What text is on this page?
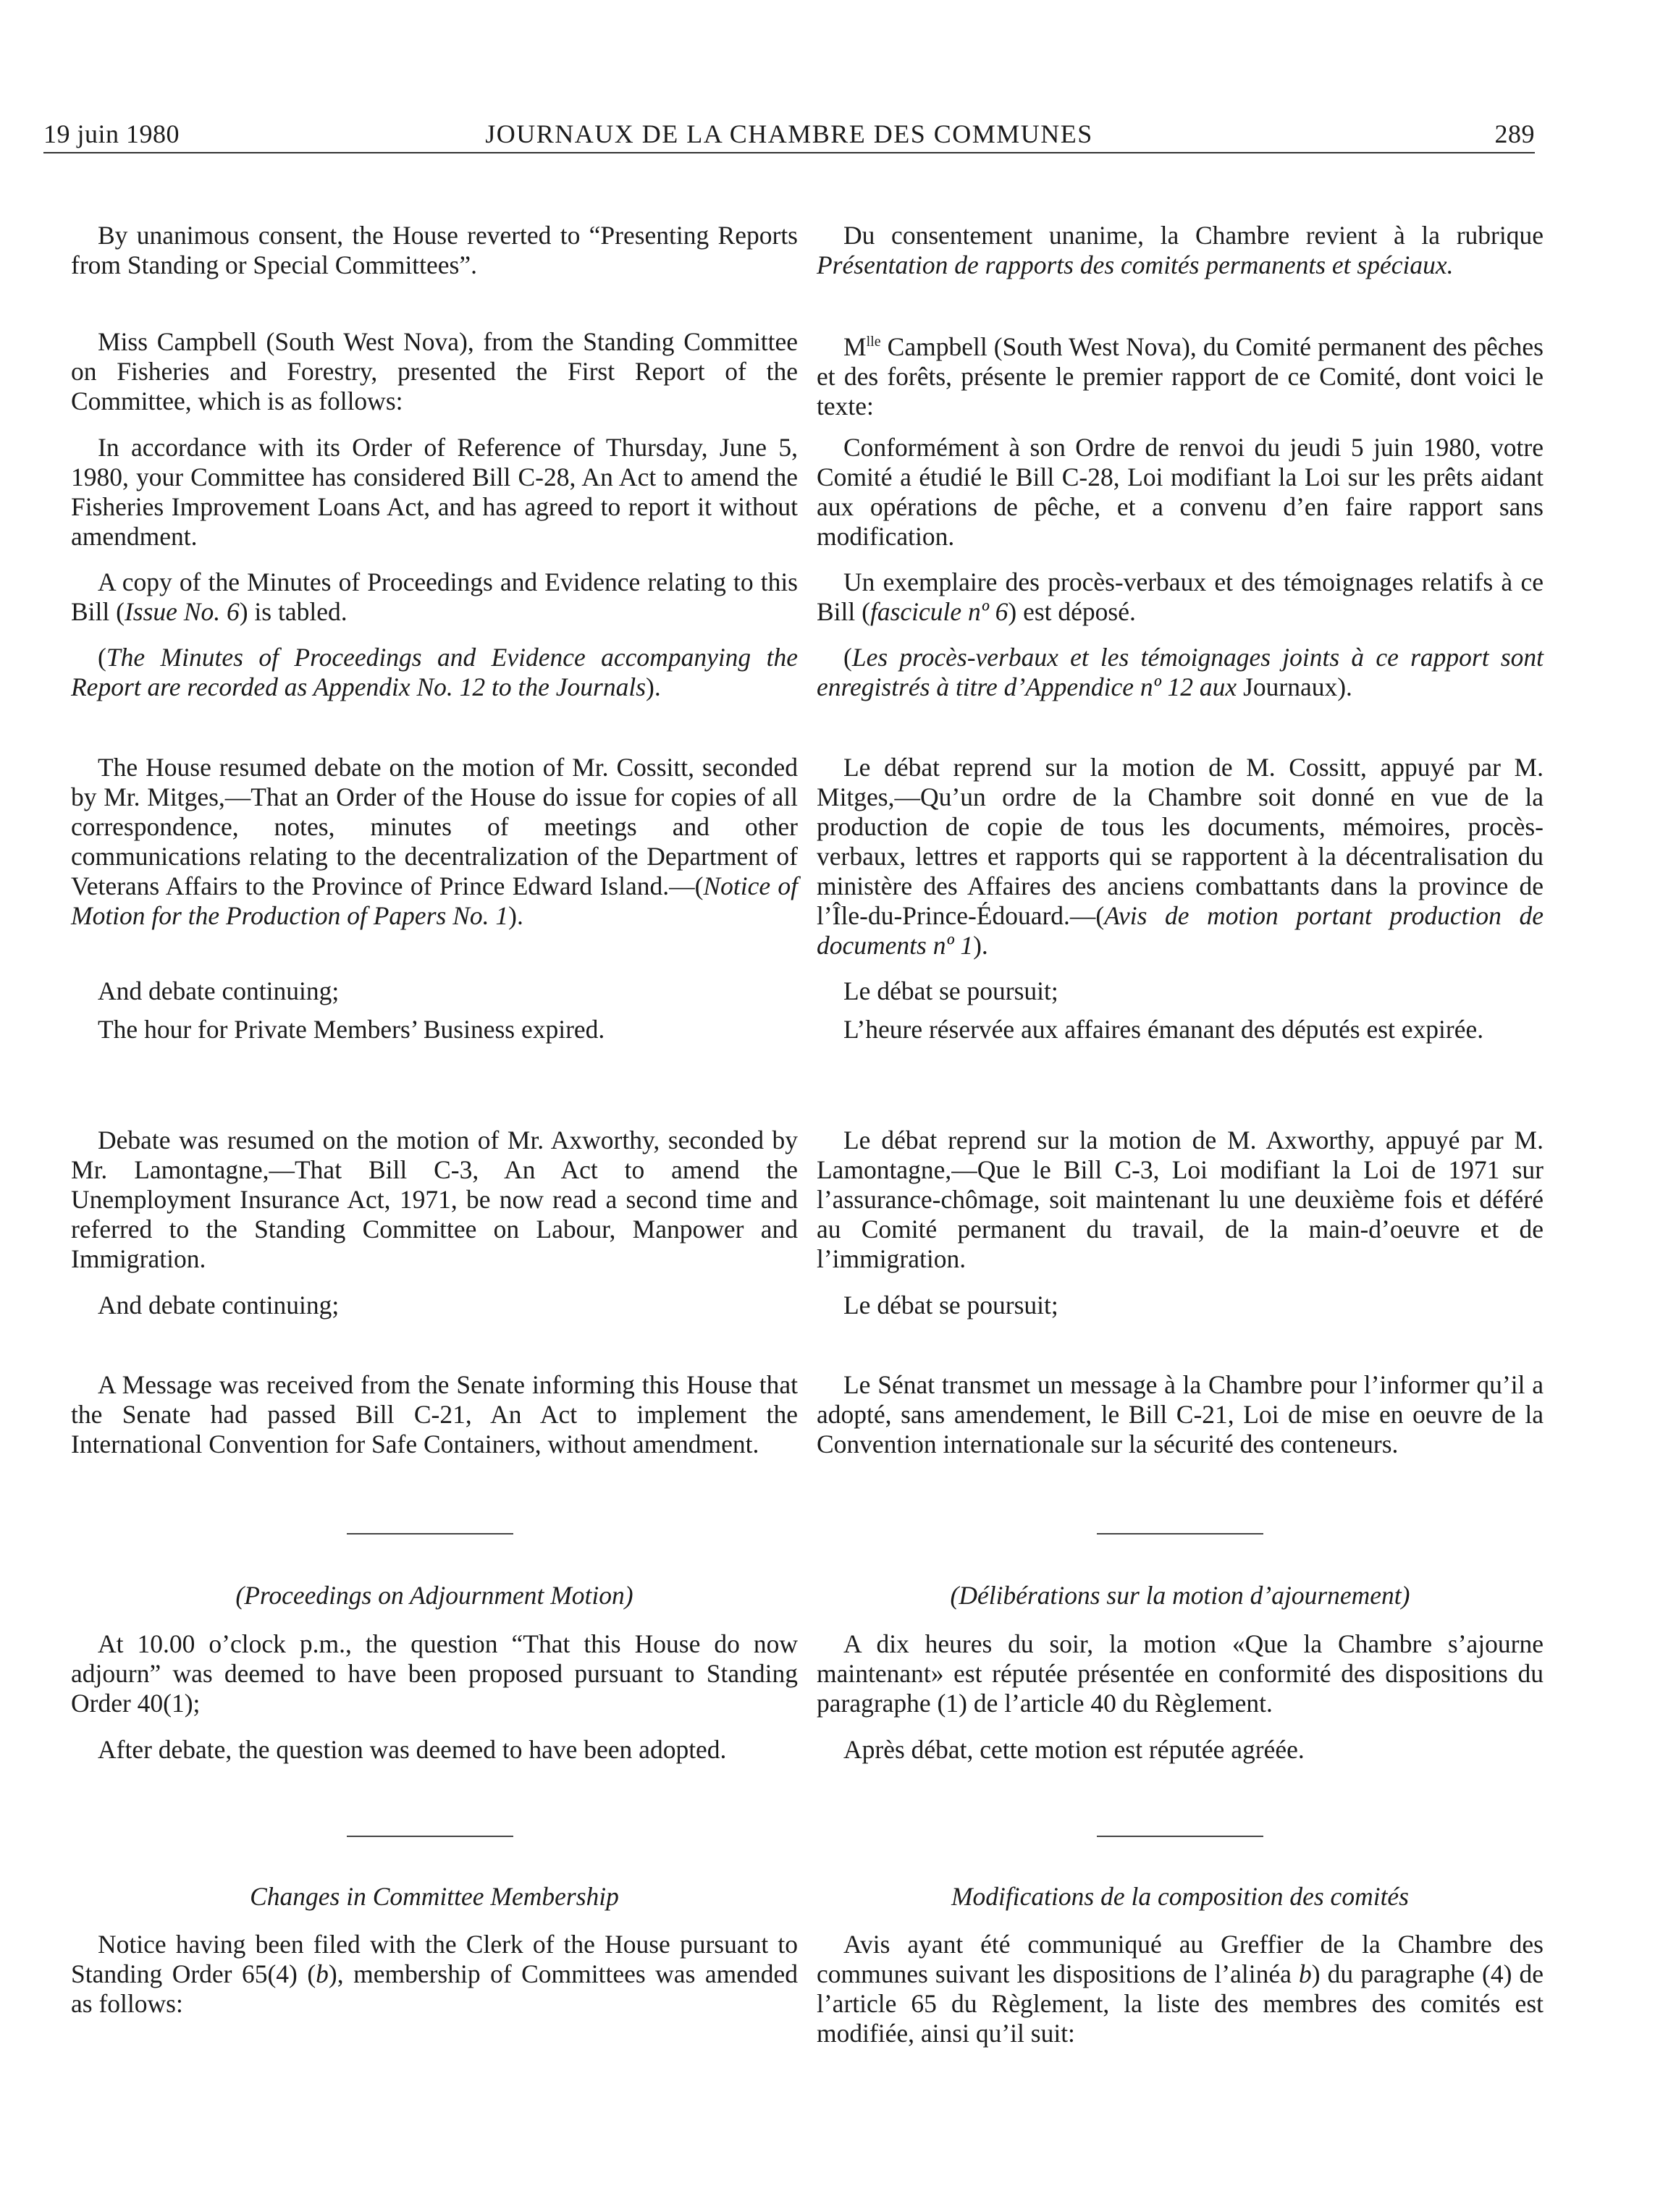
19 juin 1980	JOURNAUX DE LA CHAMBRE DES COMMUNES	289

By unanimous consent, the House reverted to “Presenting Reports from Standing or Special Committees”.

Miss Campbell (South West Nova), from the Standing Committee on Fisheries and Forestry, presented the First Report of the Committee, which is as follows:

In accordance with its Order of Reference of Thursday, June 5, 1980, your Committee has considered Bill C-28, An Act to amend the Fisheries Improvement Loans Act, and has agreed to report it without amendment.

A copy of the Minutes of Proceedings and Evidence relating to this Bill (Issue No. 6) is tabled.

(The Minutes of Proceedings and Evidence accompanying the Report are recorded as Appendix No. 12 to the Journals).

The House resumed debate on the motion of Mr. Cossitt, seconded by Mr. Mitges,—That an Order of the House do issue for copies of all correspondence, notes, minutes of meetings and other communications relating to the decentralization of the Department of Veterans Affairs to the Province of Prince Edward Island.—(Notice of Motion for the Production of Papers No. 1).

And debate continuing;

The hour for Private Members’ Business expired.

Debate was resumed on the motion of Mr. Axworthy, seconded by Mr. Lamontagne,—That Bill C-3, An Act to amend the Unemployment Insurance Act, 1971, be now read a second time and referred to the Standing Committee on Labour, Manpower and Immigration.

And debate continuing;

A Message was received from the Senate informing this House that the Senate had passed Bill C-21, An Act to implement the International Convention for Safe Containers, without amendment.

(Proceedings on Adjournment Motion)

At 10.00 o’clock p.m., the question “That this House do now adjourn” was deemed to have been proposed pursuant to Standing Order 40(1);

After debate, the question was deemed to have been adopted.

Changes in Committee Membership

Notice having been filed with the Clerk of the House pursuant to Standing Order 65(4) (b), membership of Committees was amended as follows:

Du consentement unanime, la Chambre revient à la rubrique Présentation de rapports des comités permanents et spéciaux.

$M^{lle}$ Campbell (South West Nova), du Comité permanent des pêches et des forêts, présente le premier rapport de ce Comité, dont voici le texte:

Conformément à son Ordre de renvoi du jeudi 5 juin 1980, votre Comité a étudié le Bill C-28, Loi modifiant la Loi sur les prêts aidant aux opérations de pêche, et a convenu d’en faire rapport sans modification.

Un exemplaire des procès-verbaux et des témoignages relatifs à ce Bill (fascicule nº 6) est déposé.

(Les procès-verbaux et les témoignages joints à ce rapport sont enregistrés à titre d’Appendice nº 12 aux Journaux).

Le débat reprend sur la motion de M. Cossitt, appuyé par M. Mitges,—Qu’un ordre de la Chambre soit donné en vue de la production de copie de tous les documents, mémoires, procès-verbaux, lettres et rapports qui se rapportent à la décentralisation du ministère des Affaires des anciens combattants dans la province de l’Île-du-Prince-Édouard.—(Avis de motion portant production de documents nº 1).

Le débat se poursuit;

L’heure réservée aux affaires émanant des députés est expirée.

Le débat reprend sur la motion de M. Axworthy, appuyé par M. Lamontagne,—Que le Bill C-3, Loi modifiant la Loi de 1971 sur l’assurance-chômage, soit maintenant lu une deuxième fois et déféré au Comité permanent du travail, de la main-d’oeuvre et de l’immigration.

Le débat se poursuit;

Le Sénat transmet un message à la Chambre pour l’informer qu’il a adopté, sans amendement, le Bill C-21, Loi de mise en oeuvre de la Convention internationale sur la sécurité des conteneurs.

(Délibérations sur la motion d’ajournement)

A dix heures du soir, la motion «Que la Chambre s’ajourne maintenant» est réputée présentée en conformité des dispositions du paragraphe (1) de l’article 40 du Règlement.

Après débat, cette motion est réputée agréée.

Modifications de la composition des comités

Avis ayant été communiqué au Greffier de la Chambre des communes suivant les dispositions de l’alinéa b) du paragraphe (4) de l’article 65 du Règlement, la liste des membres des comités est modifiée, ainsi qu’il suit:
